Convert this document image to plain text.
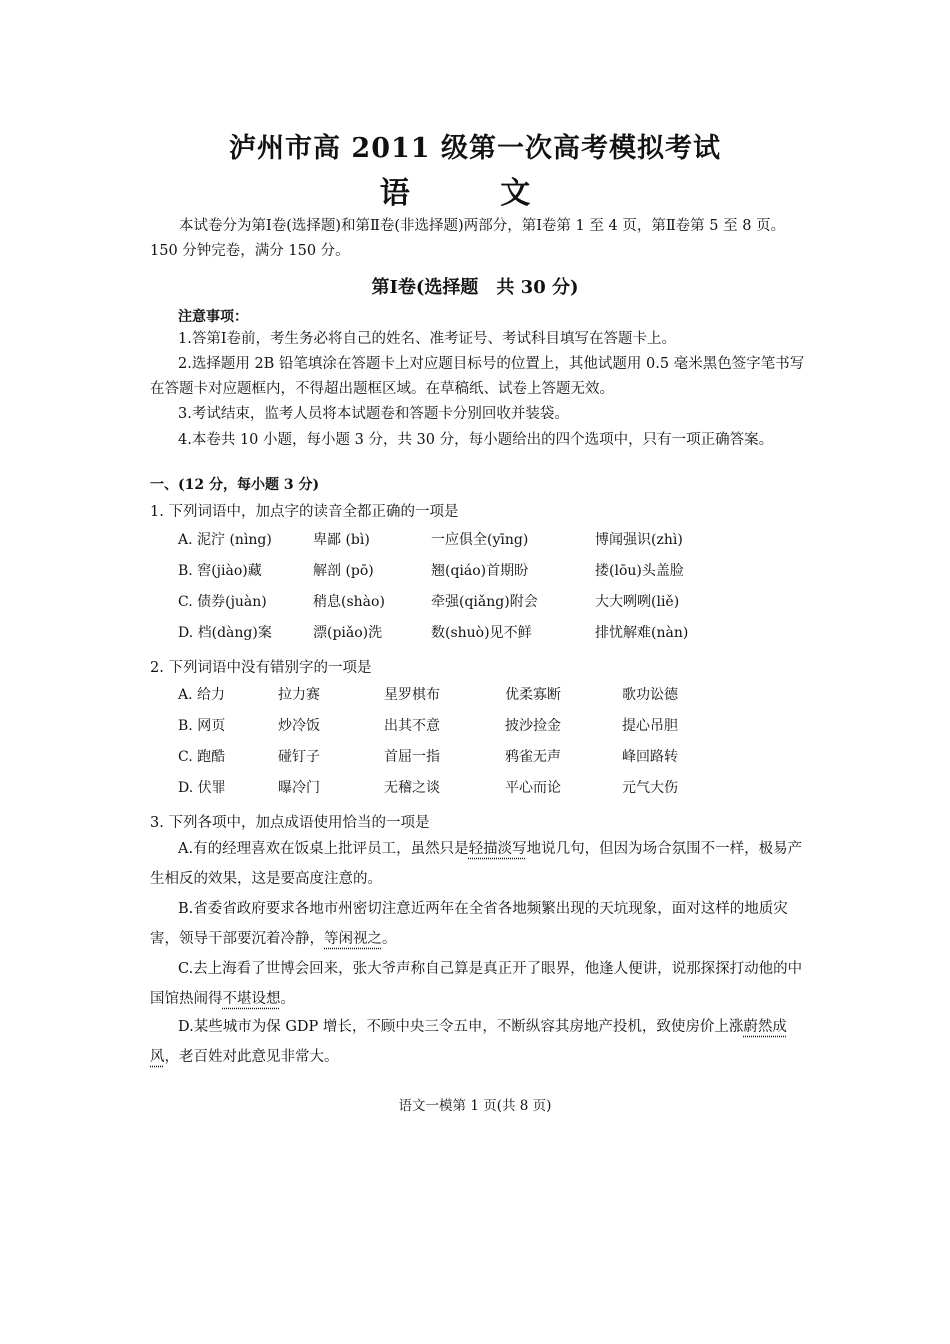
泸州市高 2011 级第一次高考模拟考试
语 文
本试卷分为第Ⅰ卷(选择题)和第Ⅱ卷(非选择题)两部分，第Ⅰ卷第 1 至 4 页，第Ⅱ卷第 5 至 8 页。150 分钟完卷，满分 150 分。
第Ⅰ卷(选择题　共 30 分)
注意事项：
1.答第Ⅰ卷前，考生务必将自己的姓名、准考证号、考试科目填写在答题卡上。
2.选择题用 2B 铅笔填涂在答题卡上对应题目标号的位置上，其他试题用 0.5 毫米黑色签字笔书写在答题卡对应题框内，不得超出题框区域。在草稿纸、试卷上答题无效。
3.考试结束，监考人员将本试题卷和答题卡分别回收并装袋。
4.本卷共 10 小题，每小题 3 分，共 30 分，每小题给出的四个选项中，只有一项正确答案。
一、(12 分，每小题 3 分)
1. 下列词语中，加点字的读音全都正确的一项是
A. 泥泞 (nìng)	卑鄙 (bì)	一应俱全(yīng)	博闻强识(zhì)
B. 窖(jiào)藏	解剖 (pō)	翘(qiáo)首期盼	搂(lōu)头盖脸
C. 债券(juàn)	稍息(shào)	牵强(qiǎng)附会	大大咧咧(liě)
D. 档(dàng)案	漂(piǎo)洗	数(shuò)见不鲜	排忧解难(nàn)
2. 下列词语中没有错别字的一项是
A. 给力	拉力赛	星罗棋布	优柔寡断	歌功讼德
B. 网页	炒冷饭	出其不意	披沙捡金	提心吊胆
C. 跑酷	碰钉子	首屈一指	鸦雀无声	峰回路转
D. 伏罪	曝冷门	无稽之谈	平心而论	元气大伤
3. 下列各项中，加点成语使用恰当的一项是
A.有的经理喜欢在饭桌上批评员工，虽然只是轻描淡写地说几句，但因为场合氛围不一样，极易产生相反的效果，这是要高度注意的。
B.省委省政府要求各地市州密切注意近两年在全省各地频繁出现的天坑现象，面对这样的地质灾害，领导干部要沉着冷静，等闲视之。
C.去上海看了世博会回来，张大爷声称自己算是真正开了眼界，他逢人便讲，说那探探打动他的中国馆热闹得不堪设想。
D.某些城市为保 GDP 增长，不顾中央三令五申，不断纵容其房地产投机，致使房价上涨蔚然成风，老百姓对此意见非常大。
语文一模第 1 页(共 8 页)
